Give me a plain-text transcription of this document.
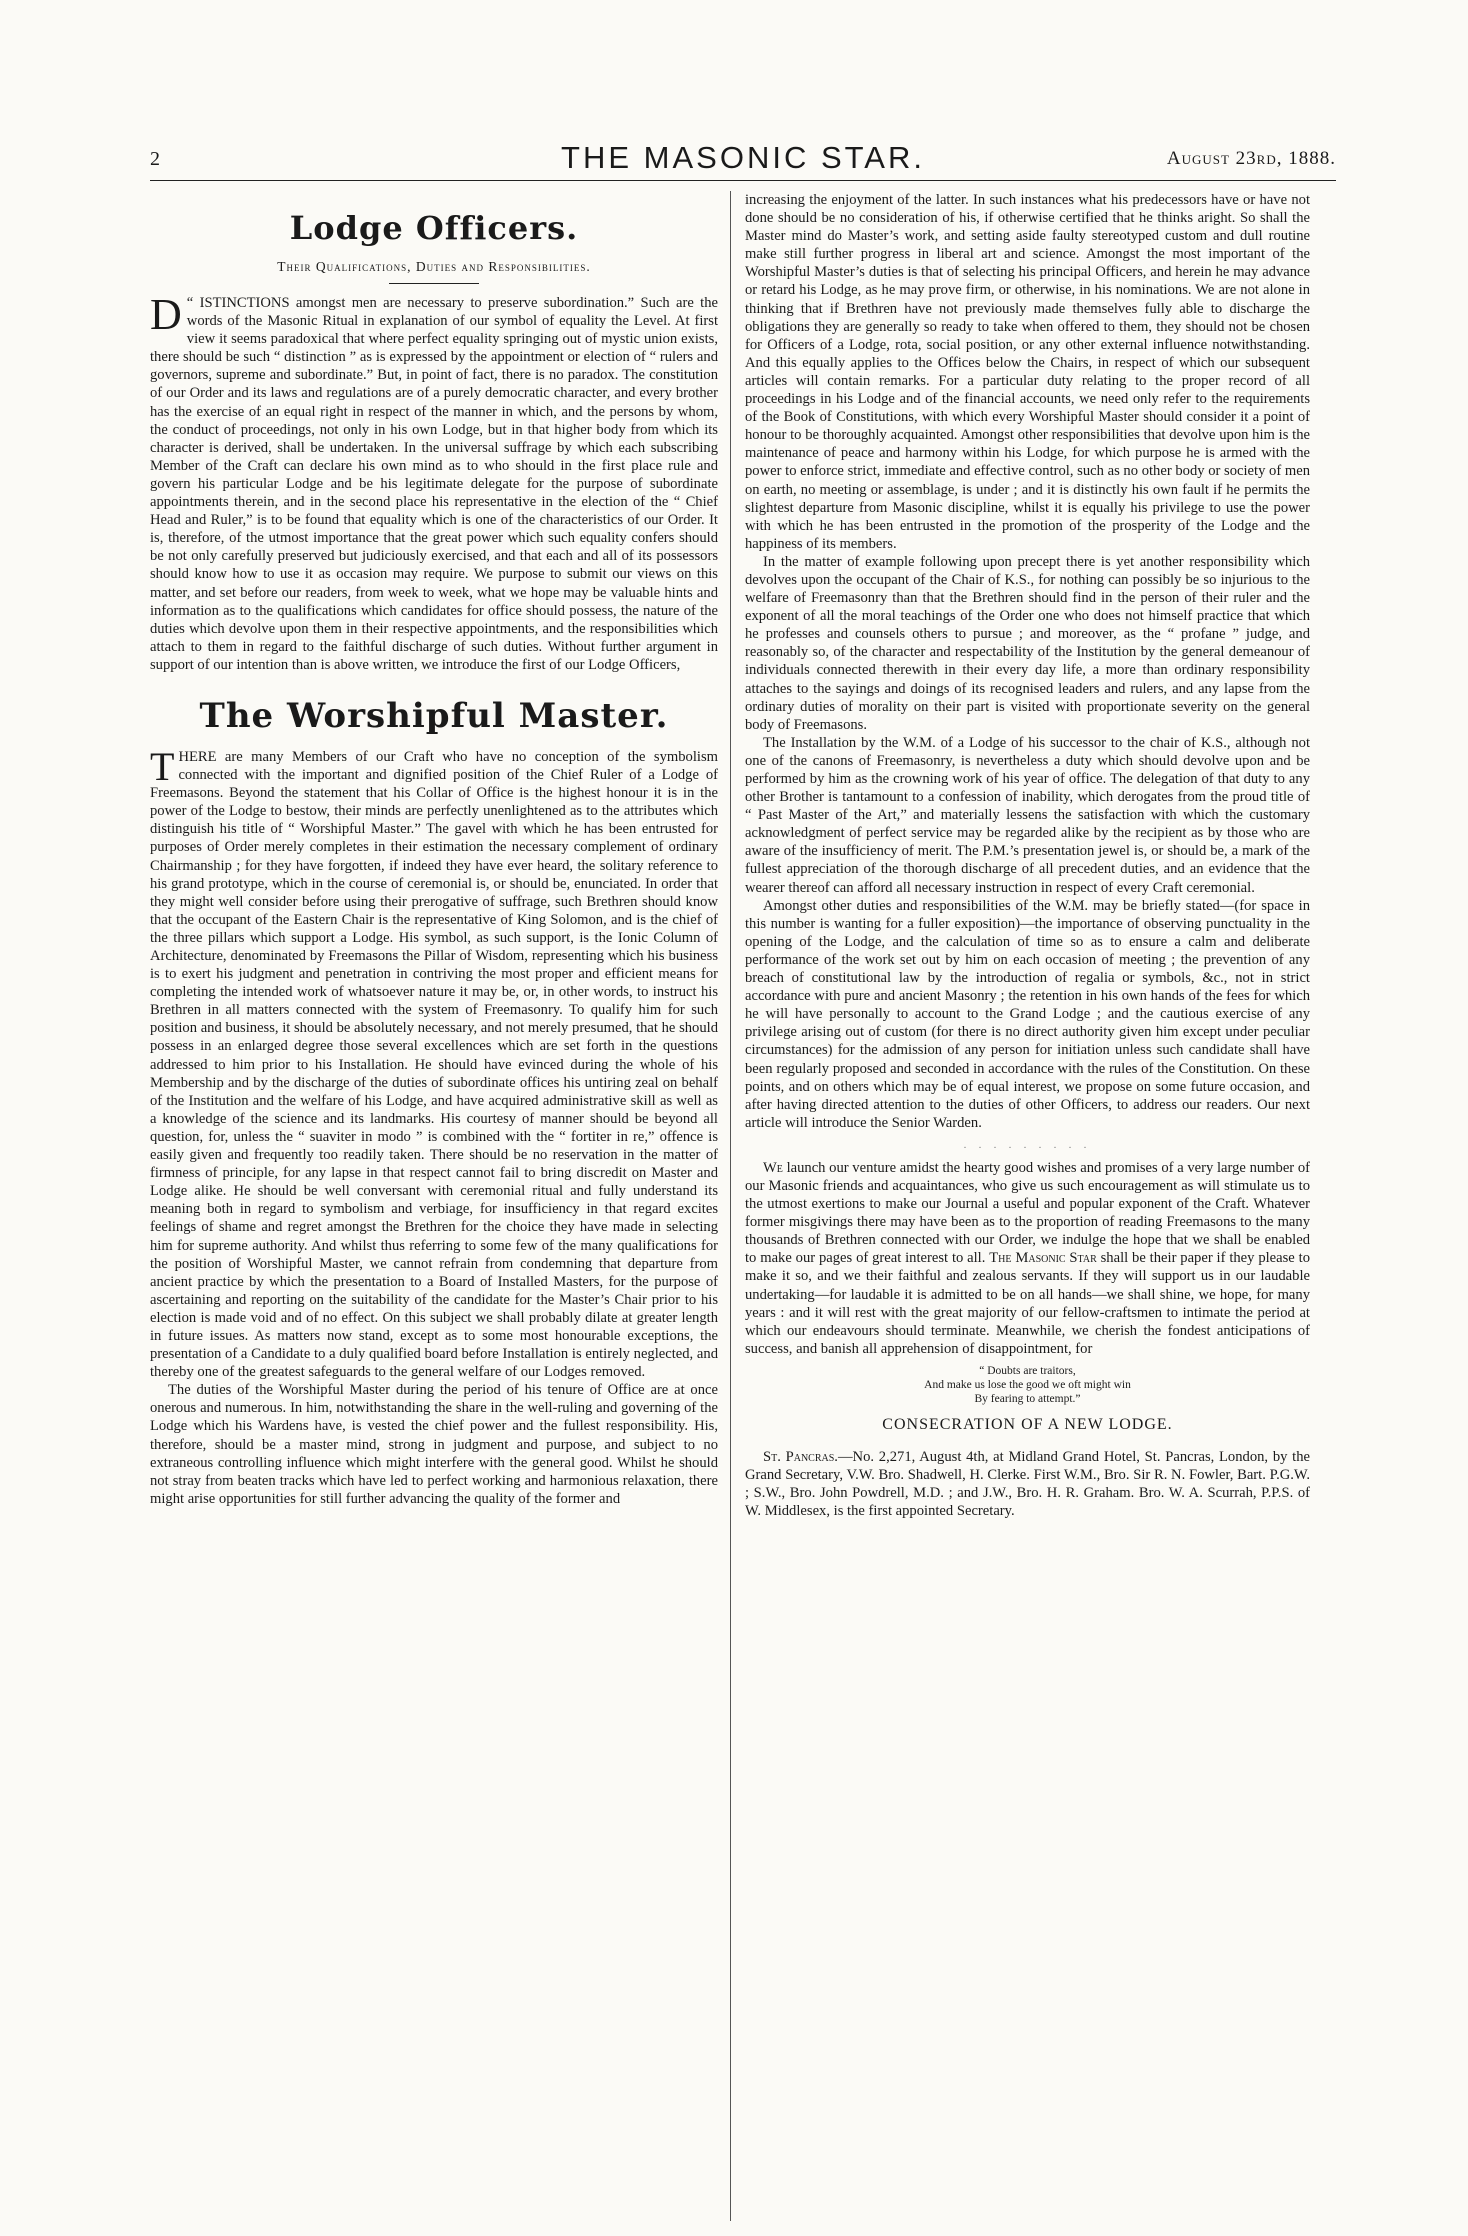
2	THE MASONIC STAR.	August 23rd, 1888.
Lodge Officers.
Their Qualifications, Duties and Responsibilities.

“
D ISTINCTIONS amongst men are necessary to preserve subordination.” Such are the words of the Masonic Ritual in explanation of our symbol of equality the Level. At first view it seems paradoxical that where perfect equality springing out of mystic union exists, there should be such “ distinction ” as is expressed by the appointment or election of “ rulers and governors, supreme and subordinate.” But, in point of fact, there is no paradox. The constitution of our Order and its laws and regulations are of a purely democratic character, and every brother has the exercise of an equal right in respect of the manner in which, and the persons by whom, the conduct of proceedings, not only in his own Lodge, but in that higher body from which its character is derived, shall be undertaken. In the universal suffrage by which each subscribing Member of the Craft can declare his own mind as to who should in the first place rule and govern his particular Lodge and be his legitimate delegate for the purpose of subordinate appointments therein, and in the second place his representative in the election of the “ Chief Head and Ruler,” is to be found that equality which is one of the characteristics of our Order. It is, therefore, of the utmost importance that the great power which such equality confers should be not only carefully preserved but judiciously exercised, and that each and all of its possessors should know how to use it as occasion may require. We purpose to submit our views on this matter, and set before our readers, from week to week, what we hope may be valuable hints and information as to the qualifications which candidates for office should possess, the nature of the duties which devolve upon them in their respective appointments, and the responsibilities which attach to them in regard to the faithful discharge of such duties. Without further argument in support of our intention than is above written, we introduce the first of our Lodge Officers,

The Worshipful Master.

THERE are many Members of our Craft who have no conception of the symbolism connected with the important and dignified position of the Chief Ruler of a Lodge of Freemasons. Beyond the statement that his Collar of Office is the highest honour it is in the power of the Lodge to bestow, their minds are perfectly unenlightened as to the attributes which distinguish his title of “ Worshipful Master.” The gavel with which he has been entrusted for purposes of Order merely completes in their estimation the necessary complement of ordinary Chairmanship ; for they have forgotten, if indeed they have ever heard, the solitary reference to his grand prototype, which in the course of ceremonial is, or should be, enunciated. In order that they might well consider before using their prerogative of suffrage, such Brethren should know that the occupant of the Eastern Chair is the representative of King Solomon, and is the chief of the three pillars which support a Lodge. His symbol, as such support, is the Ionic Column of Architecture, denominated by Freemasons the Pillar of Wisdom, representing which his business is to exert his judgment and penetration in contriving the most proper and efficient means for completing the intended work of whatsoever nature it may be, or, in other words, to instruct his Brethren in all matters connected with the system of Freemasonry. To qualify him for such position and business, it should be absolutely necessary, and not merely presumed, that he should possess in an enlarged degree those several excellences which are set forth in the questions addressed to him prior to his Installation. He should have evinced during the whole of his Membership and by the discharge of the duties of subordinate offices his untiring zeal on behalf of the Institution and the welfare of his Lodge, and have acquired administrative skill as well as a knowledge of the science and its landmarks. His courtesy of manner should be beyond all question, for, unless the “ suaviter in modo ” is combined with the “ fortiter in re,” offence is easily given and frequently too readily taken. There should be no reservation in the matter of firmness of principle, for any lapse in that respect cannot fail to bring discredit on Master and Lodge alike. He should be well conversant with ceremonial ritual and fully understand its meaning both in regard to symbolism and verbiage, for insufficiency in that regard excites feelings of shame and regret amongst the Brethren for the choice they have made in selecting him for supreme authority. And whilst thus referring to some few of the many qualifications for the position of Worshipful Master, we cannot refrain from condemning that departure from ancient practice by which the presentation to a Board of Installed Masters, for the purpose of ascertaining and reporting on the suitability of the candidate for the Master’s Chair prior to his election is made void and of no effect. On this subject we shall probably dilate at greater length in future issues. As matters now stand, except as to some most honourable exceptions, the presentation of a Candidate to a duly qualified board before Installation is entirely neglected, and thereby one of the greatest safeguards to the general welfare of our Lodges removed.

The duties of the Worshipful Master during the period of his tenure of Office are at once onerous and numerous. In him, notwithstanding the share in the well-ruling and governing of the Lodge which his Wardens have, is vested the chief power and the fullest responsibility. His, therefore, should be a master mind, strong in judgment and purpose, and subject to no extraneous controlling influence which might interfere with the general good. Whilst he should not stray from beaten tracks which have led to perfect working and harmonious relaxation, there might arise opportunities for still further advancing the quality of the former and

increasing the enjoyment of the latter. In such instances what his predecessors have or have not done should be no consideration of his, if otherwise certified that he thinks aright. So shall the Master mind do Master’s work, and setting aside faulty stereotyped custom and dull routine make still further progress in liberal art and science. Amongst the most important of the Worshipful Master’s duties is that of selecting his principal Officers, and herein he may advance or retard his Lodge, as he may prove firm, or otherwise, in his nominations. We are not alone in thinking that if Brethren have not previously made themselves fully able to discharge the obligations they are generally so ready to take when offered to them, they should not be chosen for Officers of a Lodge, rota, social position, or any other external influence notwithstanding. And this equally applies to the Offices below the Chairs, in respect of which our subsequent articles will contain remarks. For a particular duty relating to the proper record of all proceedings in his Lodge and of the financial accounts, we need only refer to the requirements of the Book of Constitutions, with which every Worshipful Master should consider it a point of honour to be thoroughly acquainted. Amongst other responsibilities that devolve upon him is the maintenance of peace and harmony within his Lodge, for which purpose he is armed with the power to enforce strict, immediate and effective control, such as no other body or society of men on earth, no meeting or assemblage, is under ; and it is distinctly his own fault if he permits the slightest departure from Masonic discipline, whilst it is equally his privilege to use the power with which he has been entrusted in the promotion of the prosperity of the Lodge and the happiness of its members.

In the matter of example following upon precept there is yet another responsibility which devolves upon the occupant of the Chair of K.S., for nothing can possibly be so injurious to the welfare of Freemasonry than that the Brethren should find in the person of their ruler and the exponent of all the moral teachings of the Order one who does not himself practice that which he professes and counsels others to pursue ; and moreover, as the “ profane ” judge, and reasonably so, of the character and respectability of the Institution by the general demeanour of individuals connected therewith in their every day life, a more than ordinary responsibility attaches to the sayings and doings of its recognised leaders and rulers, and any lapse from the ordinary duties of morality on their part is visited with proportionate severity on the general body of Freemasons.

The Installation by the W.M. of a Lodge of his successor to the chair of K.S., although not one of the canons of Freemasonry, is nevertheless a duty which should devolve upon and be performed by him as the crowning work of his year of office. The delegation of that duty to any other Brother is tantamount to a confession of inability, which derogates from the proud title of “ Past Master of the Art,” and materially lessens the satisfaction with which the customary acknowledgment of perfect service may be regarded alike by the recipient as by those who are aware of the insufficiency of merit. The P.M.’s presentation jewel is, or should be, a mark of the fullest appreciation of the thorough discharge of all precedent duties, and an evidence that the wearer thereof can afford all necessary instruction in respect of every Craft ceremonial.

Amongst other duties and responsibilities of the W.M. may be briefly stated—(for space in this number is wanting for a fuller exposition)—the importance of observing punctuality in the opening of the Lodge, and the calculation of time so as to ensure a calm and deliberate performance of the work set out by him on each occasion of meeting ; the prevention of any breach of constitutional law by the introduction of regalia or symbols, &c., not in strict accordance with pure and ancient Masonry ; the retention in his own hands of the fees for which he will have personally to account to the Grand Lodge ; and the cautious exercise of any privilege arising out of custom (for there is no direct authority given him except under peculiar circumstances) for the admission of any person for initiation unless such candidate shall have been regularly proposed and seconded in accordance with the rules of the Constitution. On these points, and on others which may be of equal interest, we propose on some future occasion, and after having directed attention to the duties of other Officers, to address our readers. Our next article will introduce the Senior Warden.

. . . . . . . . .

We launch our venture amidst the hearty good wishes and promises of a very large number of our Masonic friends and acquaintances, who give us such encouragement as will stimulate us to the utmost exertions to make our Journal a useful and popular exponent of the Craft. Whatever former misgivings there may have been as to the proportion of reading Freemasons to the many thousands of Brethren connected with our Order, we indulge the hope that we shall be enabled to make our pages of great interest to all. The Masonic Star shall be their paper if they please to make it so, and we their faithful and zealous servants. If they will support us in our laudable undertaking—for laudable it is admitted to be on all hands—we shall shine, we hope, for many years : and it will rest with the great majority of our fellow-craftsmen to intimate the period at which our endeavours should terminate. Meanwhile, we cherish the fondest anticipations of success, and banish all apprehension of disappointment, for

“ Doubts are traitors,
And make us lose the good we oft might win
By fearing to attempt.”
CONSECRATION OF A NEW LODGE.

St. Pancras.—No. 2,271, August 4th, at Midland Grand Hotel, St. Pancras, London, by the Grand Secretary, V.W. Bro. Shadwell, H. Clerke. First W.M., Bro. Sir R. N. Fowler, Bart. P.G.W. ; S.W., Bro. John Powdrell, M.D. ; and J.W., Bro. H. R. Graham. Bro. W. A. Scurrah, P.P.S. of W. Middlesex, is the first appointed Secretary.
